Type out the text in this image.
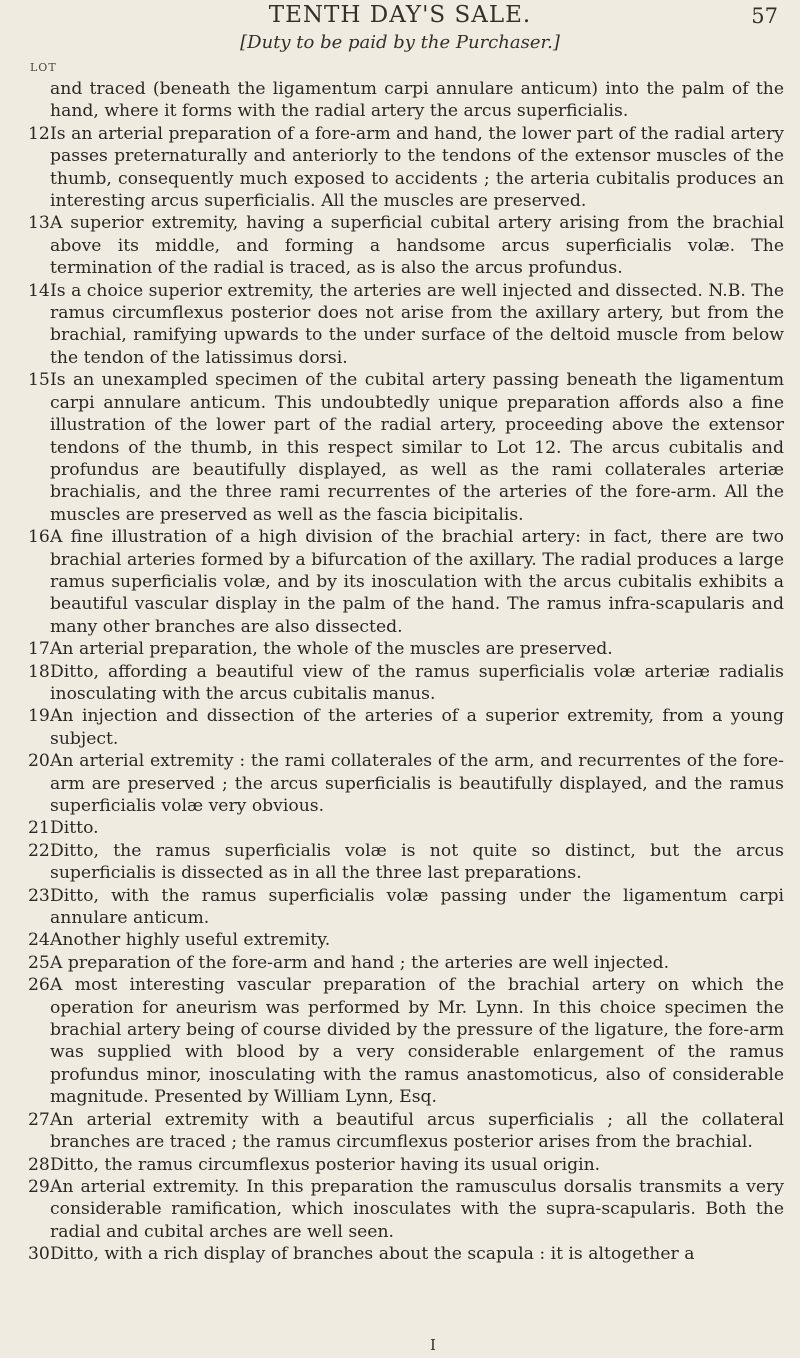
TENTH DAY'S SALE.	57
[Duty to be paid by the Purchaser.]
LOT
and traced (beneath the ligamentum carpi annulare anticum) into the palm of the hand, where it forms with the radial artery the arcus superficialis.
12 Is an arterial preparation of a fore-arm and hand, the lower part of the radial artery passes preternaturally and anteriorly to the tendons of the extensor muscles of the thumb, consequently much exposed to accidents ; the arteria cubitalis produces an interesting arcus superficialis. All the muscles are preserved.
13 A superior extremity, having a superficial cubital artery arising from the brachial above its middle, and forming a handsome arcus superficialis volæ. The termination of the radial is traced, as is also the arcus profundus.
14 Is a choice superior extremity, the arteries are well injected and dissected. N.B. The ramus circumflexus posterior does not arise from the axillary artery, but from the brachial, ramifying upwards to the under surface of the deltoid muscle from below the tendon of the latissimus dorsi.
15 Is an unexampled specimen of the cubital artery passing beneath the ligamentum carpi annulare anticum. This undoubtedly unique preparation affords also a fine illustration of the lower part of the radial artery, proceeding above the extensor tendons of the thumb, in this respect similar to Lot 12. The arcus cubitalis and profundus are beautifully displayed, as well as the rami collaterales arteriæ brachialis, and the three rami recurrentes of the arteries of the fore-arm. All the muscles are preserved as well as the fascia bicipitalis.
16 A fine illustration of a high division of the brachial artery: in fact, there are two brachial arteries formed by a bifurcation of the axillary. The radial produces a large ramus superficialis volæ, and by its inosculation with the arcus cubitalis exhibits a beautiful vascular display in the palm of the hand. The ramus infra-scapularis and many other branches are also dissected.
17 An arterial preparation, the whole of the muscles are preserved.
18 Ditto, affording a beautiful view of the ramus superficialis volæ arteriæ radialis inosculating with the arcus cubitalis manus.
19 An injection and dissection of the arteries of a superior extremity, from a young subject.
20 An arterial extremity : the rami collaterales of the arm, and recurrentes of the fore-arm are preserved ; the arcus superficialis is beautifully displayed, and the ramus superficialis volæ very obvious.
21 Ditto.
22 Ditto, the ramus superficialis volæ is not quite so distinct, but the arcus superficialis is dissected as in all the three last preparations.
23 Ditto, with the ramus superficialis volæ passing under the ligamentum carpi annulare anticum.
24 Another highly useful extremity.
25 A preparation of the fore-arm and hand ; the arteries are well injected.
26 A most interesting vascular preparation of the brachial artery on which the operation for aneurism was performed by Mr. Lynn. In this choice specimen the brachial artery being of course divided by the pressure of the ligature, the fore-arm was supplied with blood by a very considerable enlargement of the ramus profundus minor, inosculating with the ramus anastomoticus, also of considerable magnitude. Presented by William Lynn, Esq.
27 An arterial extremity with a beautiful arcus superficialis ; all the collateral branches are traced ; the ramus circumflexus posterior arises from the brachial.
28 Ditto, the ramus circumflexus posterior having its usual origin.
29 An arterial extremity. In this preparation the ramusculus dorsalis transmits a very considerable ramification, which inosculates with the supra-scapularis. Both the radial and cubital arches are well seen.
30 Ditto, with a rich display of branches about the scapula : it is altogether a
I
